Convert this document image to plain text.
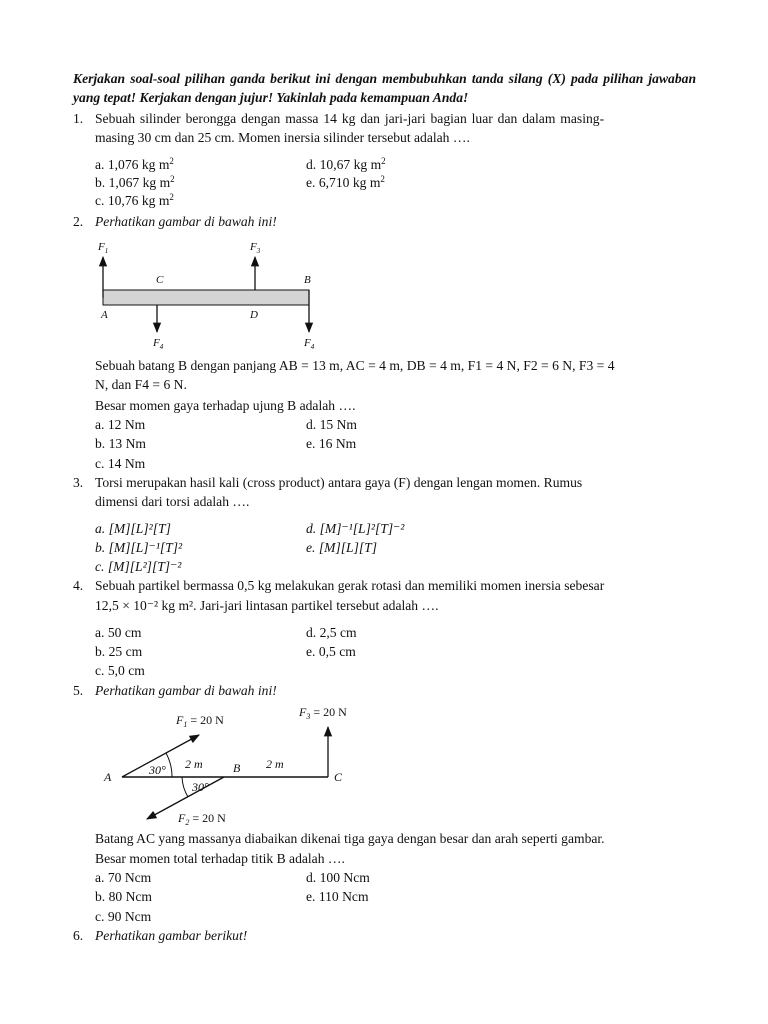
Kerjakan soal-soal pilihan ganda berikut ini dengan membubuhkan tanda silang (X) pada pilihan jawaban yang tepat! Kerjakan dengan jujur! Yakinlah pada kemampuan Anda!
1. Sebuah silinder berongga dengan massa 14 kg dan jari-jari bagian luar dan dalam masing-
masing 30 cm dan 25 cm. Momen inersia silinder tersebut adalah ….
a. 1,076 kg $m^2$
b. 1,067 kg $m^2$
c. 10,76 kg $m^2$
d. 10,67 kg $m^2$
e. 6,710 kg $m^2$
2. Perhatikan gambar di bawah ini!
$F_1$	$F_3$
$F_4$	$F_4$
C	B
A	D
Sebuah batang B dengan panjang AB = 13 m, AC = 4 m, DB = 4 m, F1 = 4 N, F2 = 6 N, F3 = 4
N, dan F4 = 6 N.
Besar momen gaya terhadap ujung B adalah ….
a. 12 Nm
b. 13 Nm
c. 14 Nm
d. 15 Nm
e. 16 Nm
3. Torsi merupakan hasil kali (cross product) antara gaya (F) dengan lengan momen. Rumus
dimensi dari torsi adalah ….
a. [M][L]²[T]
b. [M][L]⁻¹[T]²
c. [M][L²][T]⁻²
d. [M]⁻¹[L]²[T]⁻²
e. [M][L][T]
4. Sebuah partikel bermassa 0,5 kg melakukan gerak rotasi dan memiliki momen inersia sebesar
12,5 × 10⁻² kg m². Jari-jari lintasan partikel tersebut adalah ….
a. 50 cm
b. 25 cm
c. 5,0 cm
d. 2,5 cm
e. 0,5 cm
5. Perhatikan gambar di bawah ini!
$F_1 = 20$ N
$F_3 = 20$ N
$F_2 = 20$ N
A
B
C
2 m	2 m
30°
30°
Batang AC yang massanya diabaikan dikenai tiga gaya dengan besar dan arah seperti gambar.
Besar momen total terhadap titik B adalah ….
a. 70 Ncm
b. 80 Ncm
c. 90 Ncm
d. 100 Ncm
e. 110 Ncm
6. Perhatikan gambar berikut!
